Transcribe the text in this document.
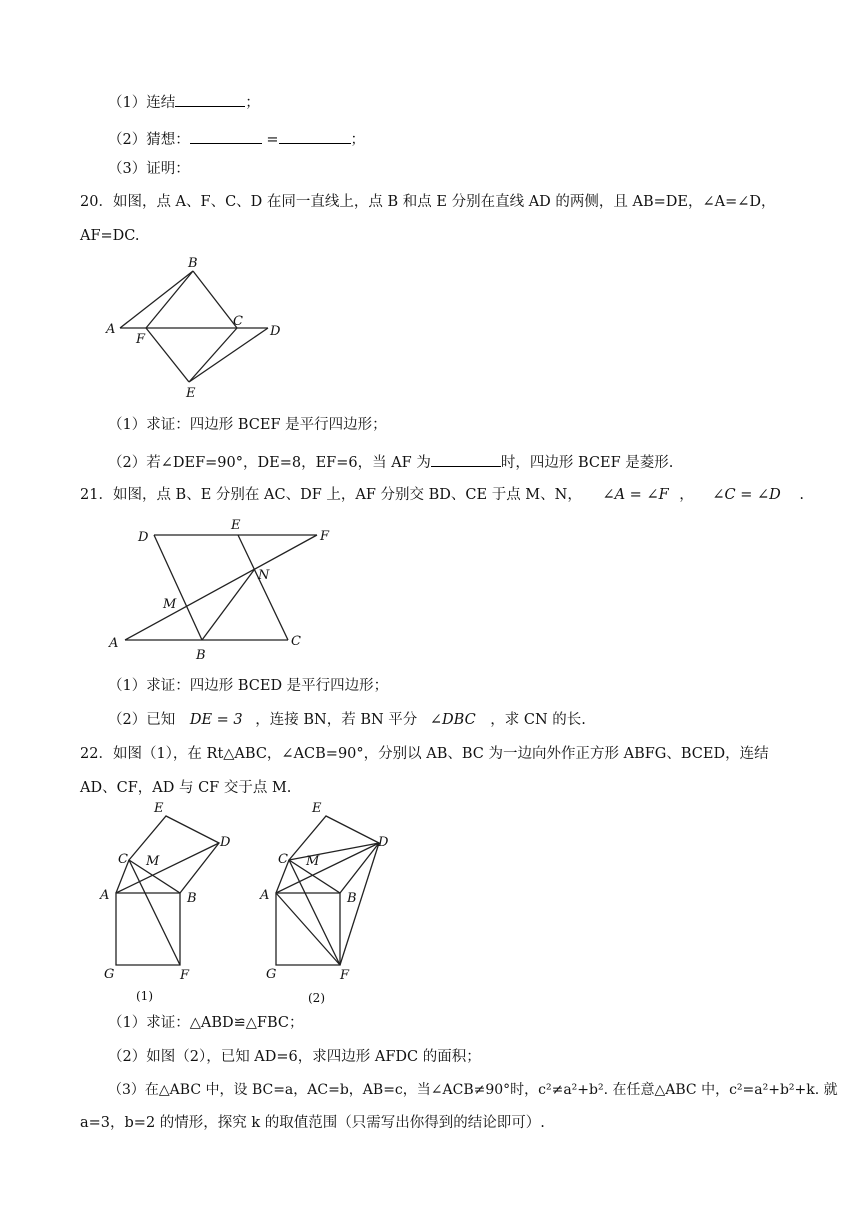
（1）连结	；
（2）猜想：	=	；
（3）证明：
20．如图，点 A、F、C、D 在同一直线上，点 B 和点 E 分别在直线 AD 的两侧，且 AB=DE，∠A=∠D，
AF=DC.
A
B
C
D
E
F
（1）求证：四边形 BCEF 是平行四边形；
（2）若∠DEF=90°，DE=8，EF=6，当 AF 为	时，四边形 BCEF 是菱形.
21．如图，点 B、E 分别在 AC、DF 上，AF 分别交 BD、CE 于点 M、N， ∠A = ∠F ， ∠C = ∠D .
D
E
F
A
B
C
M
N
（1）求证：四边形 BCED 是平行四边形；
（2）已知 DE = 3 ，连接 BN，若 BN 平分 ∠DBC ，求 CN 的长.
22．如图（1），在 Rt△ABC，∠ACB=90°，分别以 AB、BC 为一边向外作正方形 ABFG、BCED，连结
AD、CF，AD 与 CF 交于点 M.
E
D
C M
A	B
G	F
(1)
E
D
C M
A	B
G	F
(2)
（1）求证：△ABD≌△FBC；
（2）如图（2），已知 AD=6，求四边形 AFDC 的面积；
（3）在△ABC 中，设 BC=a，AC=b，AB=c，当∠ACB≠90°时，c²≠a²+b². 在任意△ABC 中，c²=a²+b²+k. 就
a=3，b=2 的情形，探究 k 的取值范围（只需写出你得到的结论即可）.
